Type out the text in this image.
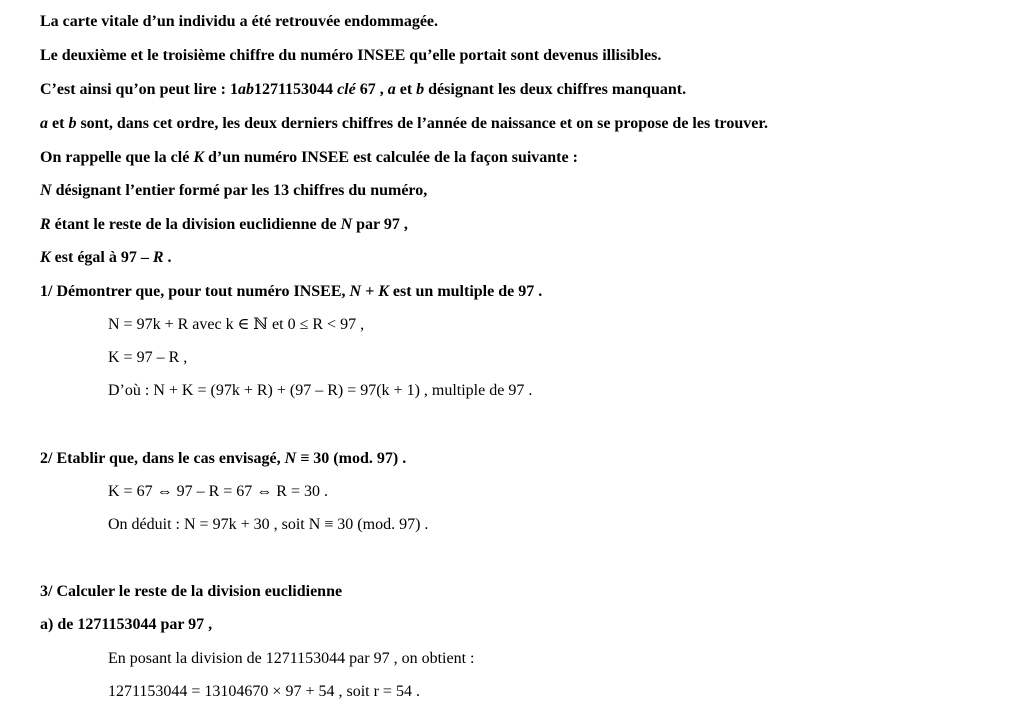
La carte vitale d’un individu a été retrouvée endommagée.
Le deuxième et le troisième chiffre du numéro INSEE qu’elle portait sont devenus illisibles.
C’est ainsi qu’on peut lire : 1ab1271153044 clé 67 , a et b désignant les deux chiffres manquant.
a et b sont, dans cet ordre, les deux derniers chiffres de l’année de naissance et on se propose de les trouver.
On rappelle que la clé K d’un numéro INSEE est calculée de la façon suivante :
N désignant l’entier formé par les 13 chiffres du numéro,
R étant le reste de la division euclidienne de N par 97 ,
K est égal à 97 – R .
1/ Démontrer que, pour tout numéro INSEE, N + K est un multiple de 97 .
N = 97k + R avec k ∈ ℕ et 0 ≤ R < 97 ,
K = 97 – R ,
D’où : N + K = (97k + R) + (97 – R) = 97(k + 1) , multiple de 97 .
2/ Etablir que, dans le cas envisagé, N ≡ 30 (mod. 97) .
K = 67 ⇔ 97 – R = 67 ⇔ R = 30 .
On déduit : N = 97k + 30 , soit N ≡ 30 (mod. 97) .
3/ Calculer le reste de la division euclidienne
a) de 1271153044 par 97 ,
En posant la division de 1271153044 par 97 , on obtient :
1271153044 = 13104670 × 97 + 54 , soit r = 54 .
